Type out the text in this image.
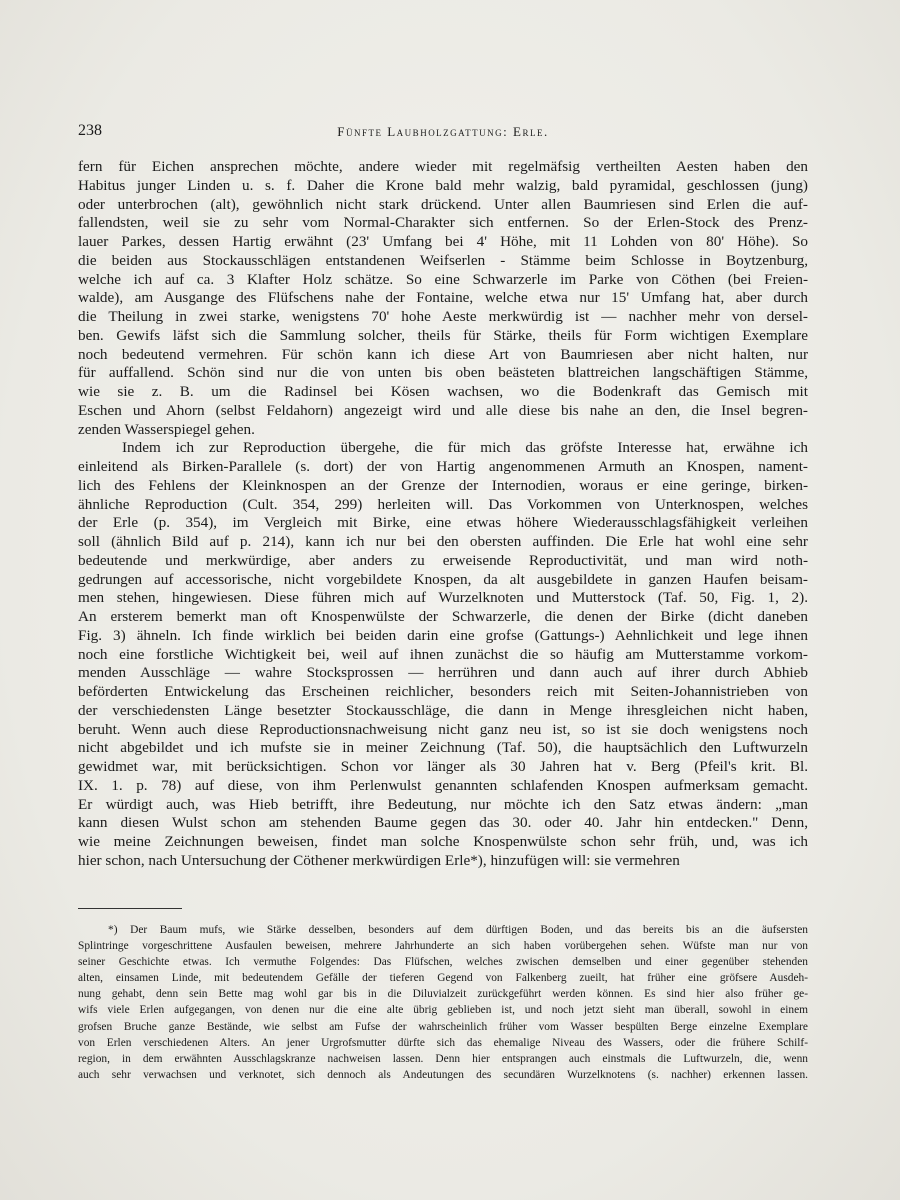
238	Fünfte Laubholzgattung: Erle.

fern für Eichen ansprechen möchte, andere wieder mit regelmäfsig vertheilten Aesten haben den

Habitus junger Linden u. s. f. Daher die Krone bald mehr walzig, bald pyramidal, geschlossen (jung)

oder unterbrochen (alt), gewöhnlich nicht stark drückend. Unter allen Baumriesen sind Erlen die auf-

fallendsten, weil sie zu sehr vom Normal-Charakter sich entfernen. So der Erlen-Stock des Prenz-

lauer Parkes, dessen Hartig erwähnt (23' Umfang bei 4' Höhe, mit 11 Lohden von 80' Höhe). So

die beiden aus Stockausschlägen entstandenen Weifserlen - Stämme beim Schlosse in Boytzenburg,

welche ich auf ca. 3 Klafter Holz schätze. So eine Schwarzerle im Parke von Cöthen (bei Freien-

walde), am Ausgange des Flüfschens nahe der Fontaine, welche etwa nur 15' Umfang hat, aber durch

die Theilung in zwei starke, wenigstens 70' hohe Aeste merkwürdig ist — nachher mehr von dersel-

ben. Gewifs läfst sich die Sammlung solcher, theils für Stärke, theils für Form wichtigen Exemplare

noch bedeutend vermehren. Für schön kann ich diese Art von Baumriesen aber nicht halten, nur

für auffallend. Schön sind nur die von unten bis oben beästeten blattreichen langschäftigen Stämme,

wie sie z. B. um die Radinsel bei Kösen wachsen, wo die Bodenkraft das Gemisch mit

Eschen und Ahorn (selbst Feldahorn) angezeigt wird und alle diese bis nahe an den, die Insel begren-

zenden Wasserspiegel gehen.

Indem ich zur Reproduction übergehe, die für mich das gröfste Interesse hat, erwähne ich

einleitend als Birken-Parallele (s. dort) der von Hartig angenommenen Armuth an Knospen, nament-

lich des Fehlens der Kleinknospen an der Grenze der Internodien, woraus er eine geringe, birken-

ähnliche Reproduction (Cult. 354, 299) herleiten will. Das Vorkommen von Unterknospen, welches

der Erle (p. 354), im Vergleich mit Birke, eine etwas höhere Wiederausschlagsfähigkeit verleihen

soll (ähnlich Bild auf p. 214), kann ich nur bei den obersten auffinden. Die Erle hat wohl eine sehr

bedeutende und merkwürdige, aber anders zu erweisende Reproductivität, und man wird noth-

gedrungen auf accessorische, nicht vorgebildete Knospen, da alt ausgebildete in ganzen Haufen beisam-

men stehen, hingewiesen. Diese führen mich auf Wurzelknoten und Mutterstock (Taf. 50, Fig. 1, 2).

An ersterem bemerkt man oft Knospenwülste der Schwarzerle, die denen der Birke (dicht daneben

Fig. 3) ähneln. Ich finde wirklich bei beiden darin eine grofse (Gattungs-) Aehnlichkeit und lege ihnen

noch eine forstliche Wichtigkeit bei, weil auf ihnen zunächst die so häufig am Mutterstamme vorkom-

menden Ausschläge — wahre Stocksprossen — herrühren und dann auch auf ihrer durch Abhieb

beförderten Entwickelung das Erscheinen reichlicher, besonders reich mit Seiten-Johannistrieben von

der verschiedensten Länge besetzter Stockausschläge, die dann in Menge ihresgleichen nicht haben,

beruht. Wenn auch diese Reproductionsnachweisung nicht ganz neu ist, so ist sie doch wenigstens noch

nicht abgebildet und ich mufste sie in meiner Zeichnung (Taf. 50), die hauptsächlich den Luftwurzeln

gewidmet war, mit berücksichtigen. Schon vor länger als 30 Jahren hat v. Berg (Pfeil's krit. Bl.

IX. 1. p. 78) auf diese, von ihm Perlenwulst genannten schlafenden Knospen aufmerksam gemacht.

Er würdigt auch, was Hieb betrifft, ihre Bedeutung, nur möchte ich den Satz etwas ändern: „man

kann diesen Wulst schon am stehenden Baume gegen das 30. oder 40. Jahr hin entdecken." Denn,

wie meine Zeichnungen beweisen, findet man solche Knospenwülste schon sehr früh, und, was ich

hier schon, nach Untersuchung der Cöthener merkwürdigen Erle*), hinzufügen will: sie vermehren

*) Der Baum mufs, wie Stärke desselben, besonders auf dem dürftigen Boden, und das bereits bis an die äufsersten

Splintringe vorgeschrittene Ausfaulen beweisen, mehrere Jahrhunderte an sich haben vorübergehen sehen. Wüfste man nur von

seiner Geschichte etwas. Ich vermuthe Folgendes: Das Flüfschen, welches zwischen demselben und einer gegenüber stehenden

alten, einsamen Linde, mit bedeutendem Gefälle der tieferen Gegend von Falkenberg zueilt, hat früher eine gröfsere Ausdeh-

nung gehabt, denn sein Bette mag wohl gar bis in die Diluvialzeit zurückgeführt werden können. Es sind hier also früher ge-

wifs viele Erlen aufgegangen, von denen nur die eine alte übrig geblieben ist, und noch jetzt sieht man überall, sowohl in einem

grofsen Bruche ganze Bestände, wie selbst am Fufse der wahrscheinlich früher vom Wasser bespülten Berge einzelne Exemplare

von Erlen verschiedenen Alters. An jener Urgrofsmutter dürfte sich das ehemalige Niveau des Wassers, oder die frühere Schilf-

region, in dem erwähnten Ausschlagskranze nachweisen lassen. Denn hier entsprangen auch einstmals die Luftwurzeln, die, wenn

auch sehr verwachsen und verknotet, sich dennoch als Andeutungen des secundären Wurzelknotens (s. nachher) erkennen lassen.
